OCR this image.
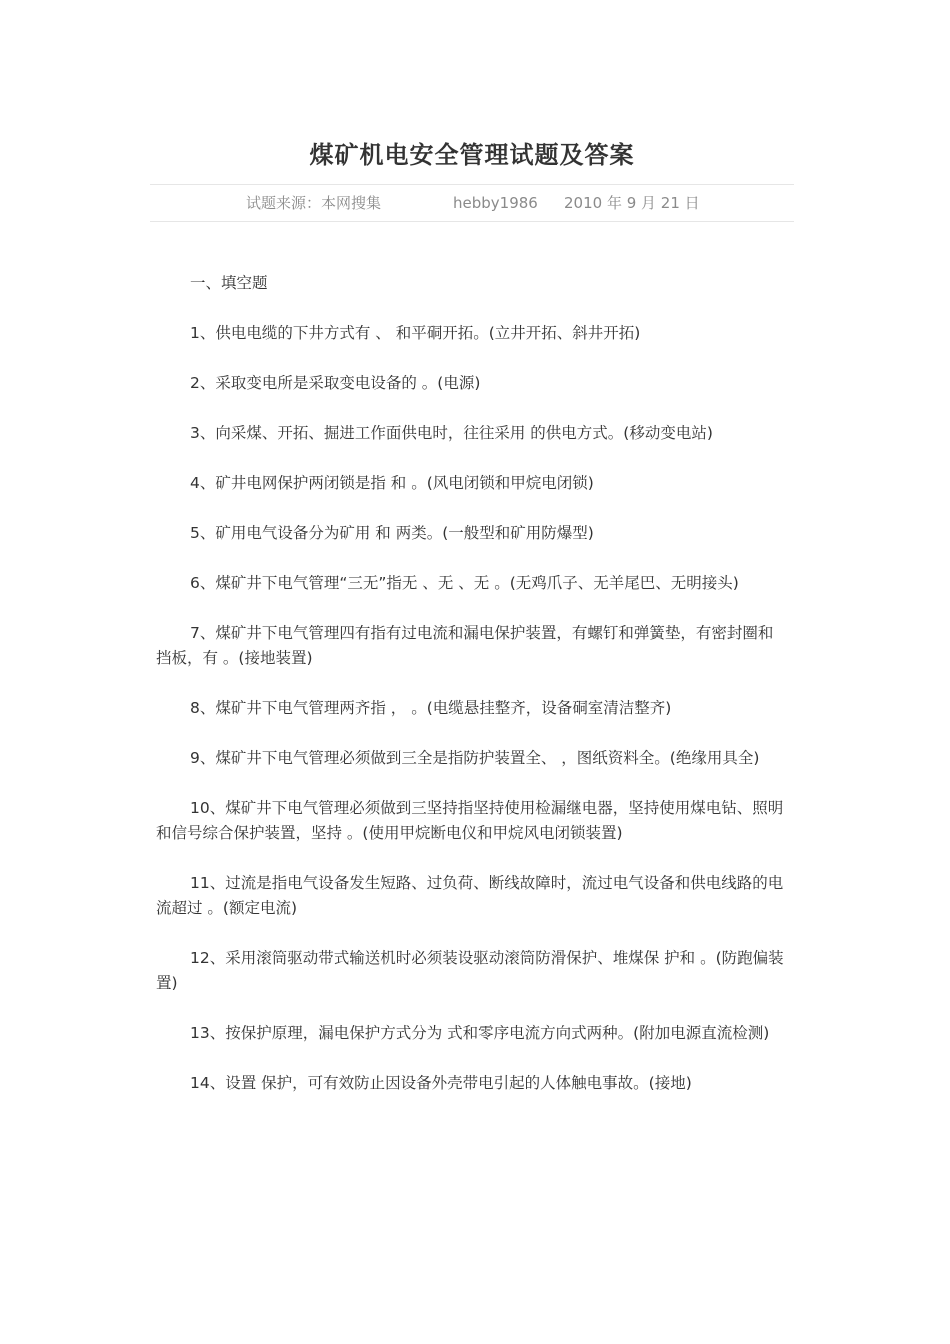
煤矿机电安全管理试题及答案
试题来源：本网搜集	hebby1986 2010 年 9 月 21 日

一、填空题

1、供电电缆的下井方式有 、 和平硐开拓。(立井开拓、斜井开拓)

2、采取变电所是采取变电设备的 。(电源)

3、向采煤、开拓、掘进工作面供电时，往往采用 的供电方式。(移动变电站)

4、矿井电网保护两闭锁是指 和 。(风电闭锁和甲烷电闭锁)

5、矿用电气设备分为矿用 和 两类。(一般型和矿用防爆型)

6、煤矿井下电气管理“三无”指无 、无 、无 。(无鸡爪子、无羊尾巴、无明接头)

7、煤矿井下电气管理四有指有过电流和漏电保护装置，有螺钉和弹簧垫，有密封圈和挡板，有 。(接地装置)

8、煤矿井下电气管理两齐指 ， 。(电缆悬挂整齐，设备硐室清洁整齐)

9、煤矿井下电气管理必须做到三全是指防护装置全、 ，图纸资料全。(绝缘用具全)

10、煤矿井下电气管理必须做到三坚持指坚持使用检漏继电器，坚持使用煤电钻、照明和信号综合保护装置，坚持 。(使用甲烷断电仪和甲烷风电闭锁装置)

11、过流是指电气设备发生短路、过负荷、断线故障时，流过电气设备和供电线路的电流超过 。(额定电流)

12、采用滚筒驱动带式输送机时必须装设驱动滚筒防滑保护、堆煤保 护和 。(防跑偏装置)

13、按保护原理，漏电保护方式分为 式和零序电流方向式两种。(附加电源直流检测)

14、设置 保护，可有效防止因设备外壳带电引起的人体触电事故。(接地)
